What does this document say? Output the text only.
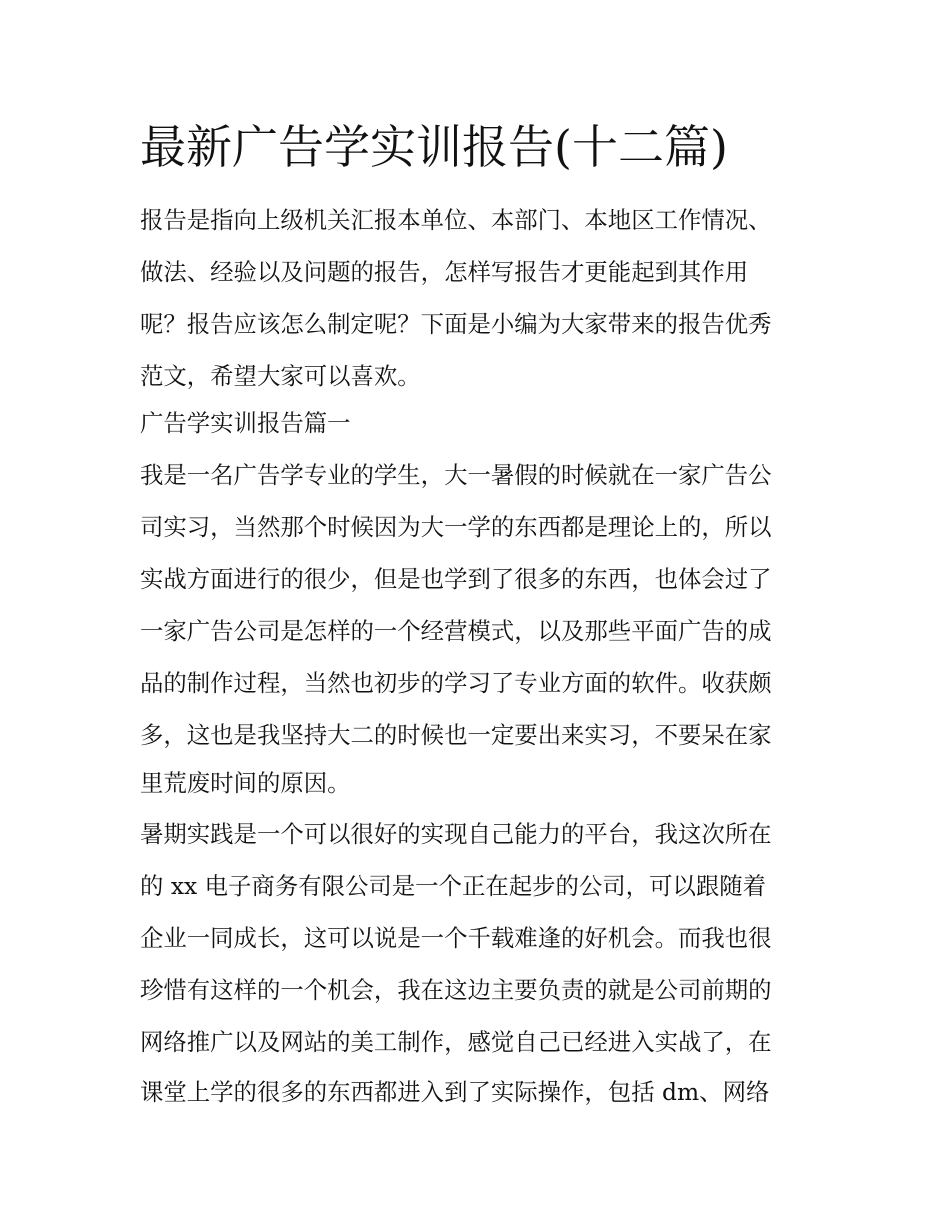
最新广告学实训报告(十二篇)

报告是指向上级机关汇报本单位、本部门、本地区工作情况、

做法、经验以及问题的报告，怎样写报告才更能起到其作用

呢？报告应该怎么制定呢？下面是小编为大家带来的报告优秀

范文，希望大家可以喜欢。

广告学实训报告篇一

我是一名广告学专业的学生，大一暑假的时候就在一家广告公

司实习，当然那个时候因为大一学的东西都是理论上的，所以

实战方面进行的很少，但是也学到了很多的东西，也体会过了

一家广告公司是怎样的一个经营模式，以及那些平面广告的成

品的制作过程，当然也初步的学习了专业方面的软件。收获颇

多，这也是我坚持大二的时候也一定要出来实习，不要呆在家

里荒废时间的原因。

暑期实践是一个可以很好的实现自己能力的平台，我这次所在

的 xx 电子商务有限公司是一个正在起步的公司，可以跟随着

企业一同成长，这可以说是一个千载难逢的好机会。而我也很

珍惜有这样的一个机会，我在这边主要负责的就是公司前期的

网络推广以及网站的美工制作，感觉自己已经进入实战了，在

课堂上学的很多的东西都进入到了实际操作，包括 dm、网络
